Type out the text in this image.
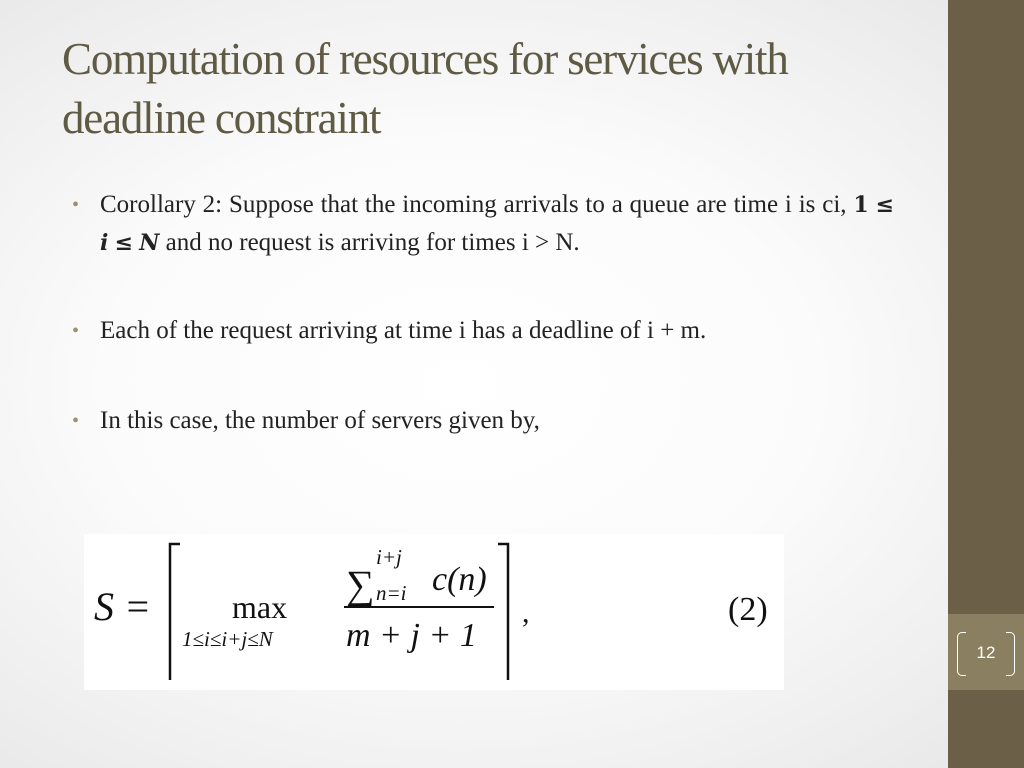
Computation of resources for services with deadline constraint
• Corollary 2: Suppose that the incoming arrivals to a queue are time i is ci, 1 ≤ i ≤ N and no request is arriving for times i > N.
• Each of the request arriving at time i has a deadline of i + m.
• In this case, the number of servers given by,
S =	max
1≤i≤i+j≤N
∑
i+j
n=i c(n)
m + j + 1
,	(2)
12
